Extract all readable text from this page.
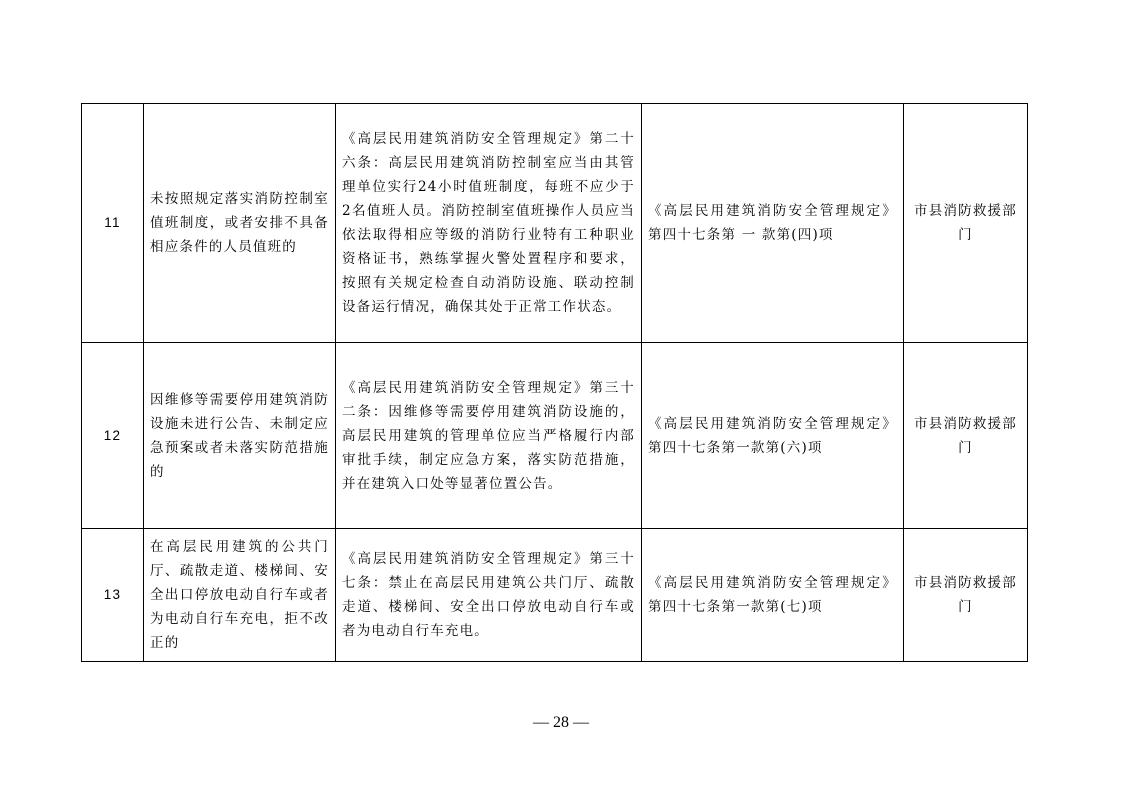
11	未按照规定落实消防控制室值班制度，或者安排不具备相应条件的人员值班的	《高层民用建筑消防安全管理规定》第二十六条：高层民用建筑消防控制室应当由其管理单位实行24小时值班制度，每班不应少于2名值班人员。消防控制室值班操作人员应当依法取得相应等级的消防行业特有工种职业资格证书，熟练掌握火警处置程序和要求，按照有关规定检查自动消防设施、联动控制设备运行情况，确保其处于正常工作状态。	《高层民用建筑消防安全管理规定》第四十七条第 一 款第(四)项	市县消防救援部门
12	因维修等需要停用建筑消防设施未进行公告、未制定应急预案或者未落实防范措施的	《高层民用建筑消防安全管理规定》第三十二条：因维修等需要停用建筑消防设施的，高层民用建筑的管理单位应当严格履行内部审批手续，制定应急方案，落实防范措施，并在建筑入口处等显著位置公告。	《高层民用建筑消防安全管理规定》第四十七条第一款第(六)项	市县消防救援部门
13	在高层民用建筑的公共门厅、疏散走道、楼梯间、安全出口停放电动自行车或者为电动自行车充电，拒不改正的	《高层民用建筑消防安全管理规定》第三十七条：禁止在高层民用建筑公共门厅、疏散走道、楼梯间、安全出口停放电动自行车或者为电动自行车充电。	《高层民用建筑消防安全管理规定》第四十七条第一款第(七)项	市县消防救援部门
— 28 —
